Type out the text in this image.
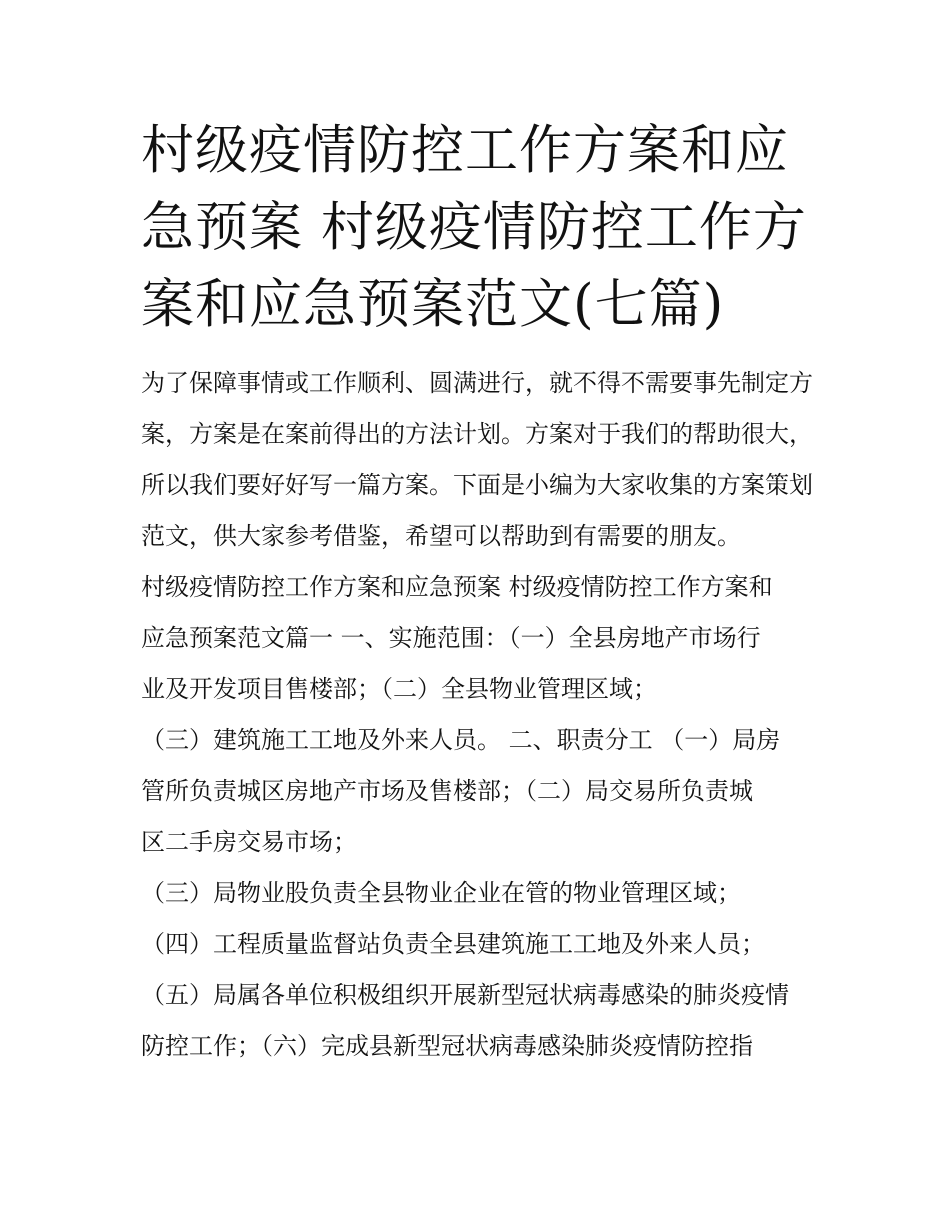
村级疫情防控工作方案和应急预案 村级疫情防控工作方案和应急预案范文(七篇)

为了保障事情或工作顺利、圆满进行，就不得不需要事先制定方案，方案是在案前得出的方法计划。方案对于我们的帮助很大，所以我们要好好写一篇方案。下面是小编为大家收集的方案策划范文，供大家参考借鉴，希望可以帮助到有需要的朋友。

村级疫情防控工作方案和应急预案 村级疫情防控工作方案和

应急预案范文篇一 一、实施范围：（一）全县房地产市场行

业及开发项目售楼部；（二）全县物业管理区域；

（三）建筑施工工地及外来人员。 二、职责分工 （一）局房

管所负责城区房地产市场及售楼部；（二）局交易所负责城

区二手房交易市场；

（三）局物业股负责全县物业企业在管的物业管理区域；

（四）工程质量监督站负责全县建筑施工工地及外来人员；

（五）局属各单位积极组织开展新型冠状病毒感染的肺炎疫情

防控工作；（六）完成县新型冠状病毒感染肺炎疫情防控指
